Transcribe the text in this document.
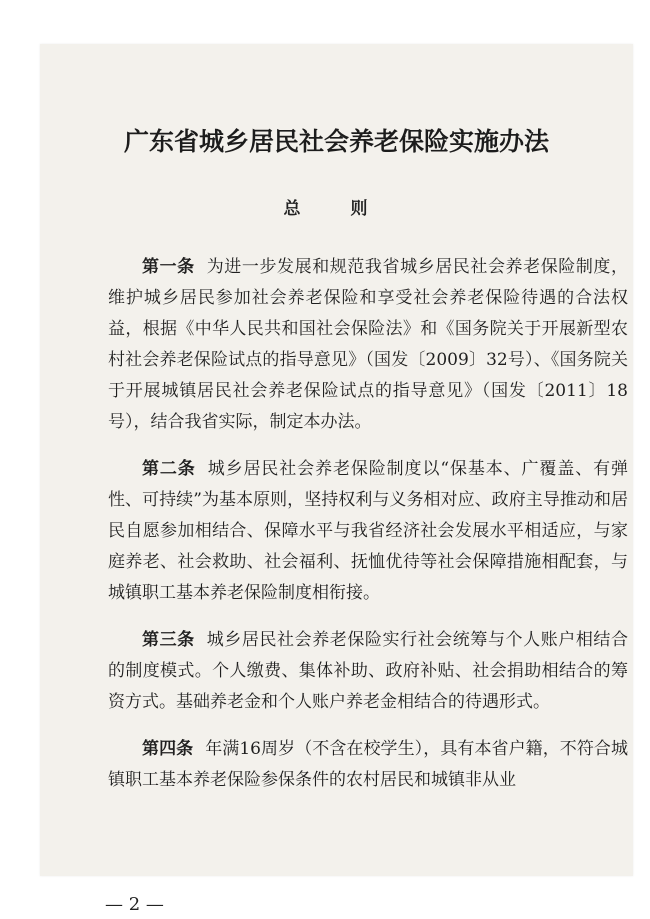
广东省城乡居民社会养老保险实施办法
总 则

第一条 为进一步发展和规范我省城乡居民社会养老保险制度，维护城乡居民参加社会养老保险和享受社会养老保险待遇的合法权益，根据《中华人民共和国社会保险法》和《国务院关于开展新型农村社会养老保险试点的指导意见》（国发〔2009〕32号）、《国务院关于开展城镇居民社会养老保险试点的指导意见》（国发〔2011〕18号），结合我省实际，制定本办法。

第二条 城乡居民社会养老保险制度以“保基本、广覆盖、有弹性、可持续”为基本原则，坚持权利与义务相对应、政府主导推动和居民自愿参加相结合、保障水平与我省经济社会发展水平相适应，与家庭养老、社会救助、社会福利、抚恤优待等社会保障措施相配套，与城镇职工基本养老保险制度相衔接。

第三条 城乡居民社会养老保险实行社会统筹与个人账户相结合的制度模式。个人缴费、集体补助、政府补贴、社会捐助相结合的筹资方式。基础养老金和个人账户养老金相结合的待遇形式。

第四条 年满16周岁（不含在校学生），具有本省户籍，不符合城镇职工基本养老保险参保条件的农村居民和城镇非从业

— 2 —
